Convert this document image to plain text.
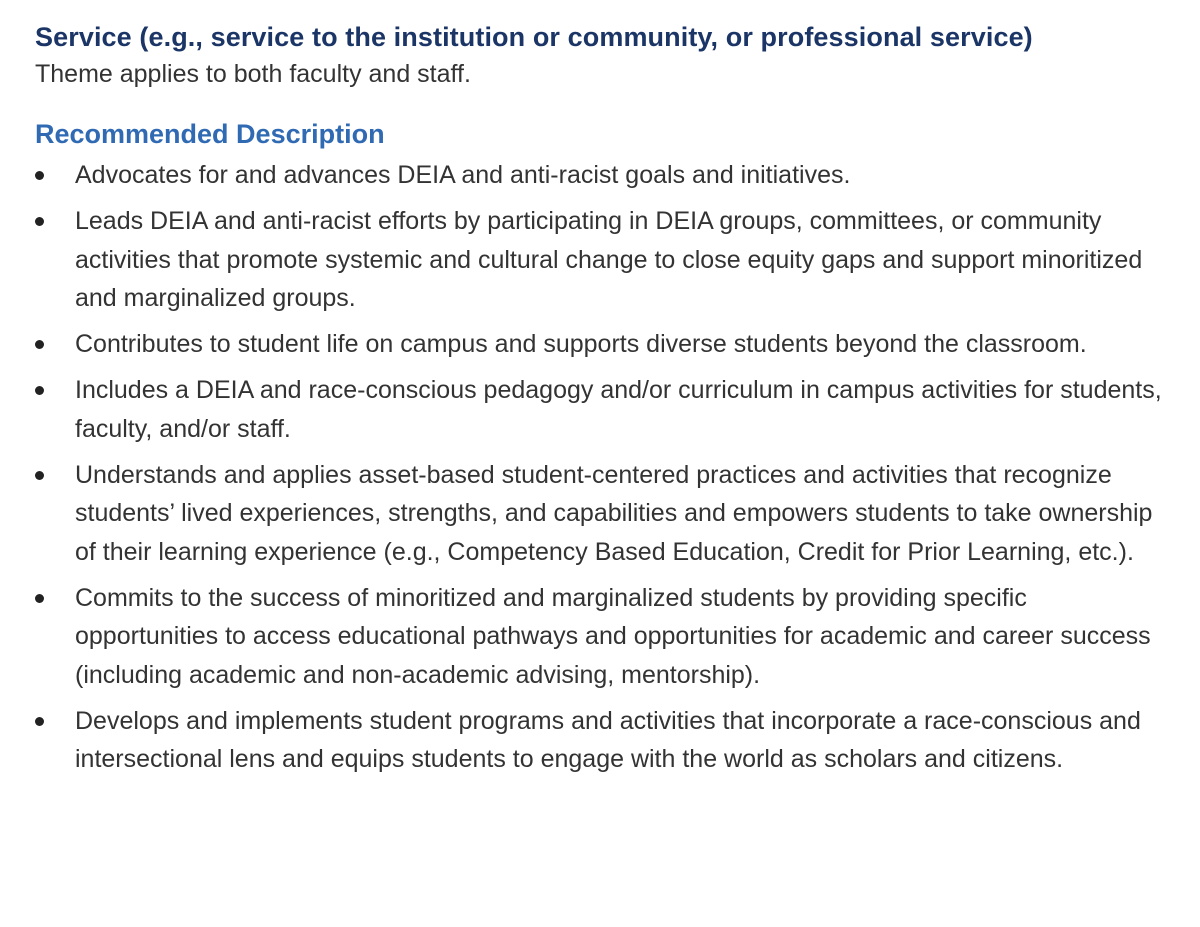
Service (e.g., service to the institution or community, or professional service)

Theme applies to both faculty and staff.

Recommended Description
Advocates for and advances DEIA and anti-racist goals and initiatives.
Leads DEIA and anti-racist efforts by participating in DEIA groups, committees, or community activities that promote systemic and cultural change to close equity gaps and support minoritized and marginalized groups.
Contributes to student life on campus and supports diverse students beyond the classroom.
Includes a DEIA and race-conscious pedagogy and/or curriculum in campus activities for students, faculty, and/or staff.
Understands and applies asset-based student-centered practices and activities that recognize students’ lived experiences, strengths, and capabilities and empowers students to take ownership of their learning experience (e.g., Competency Based Education, Credit for Prior Learning, etc.).
Commits to the success of minoritized and marginalized students by providing specific opportunities to access educational pathways and opportunities for academic and career success (including academic and non-academic advising, mentorship).
Develops and implements student programs and activities that incorporate a race-conscious and intersectional lens and equips students to engage with the world as scholars and citizens.
